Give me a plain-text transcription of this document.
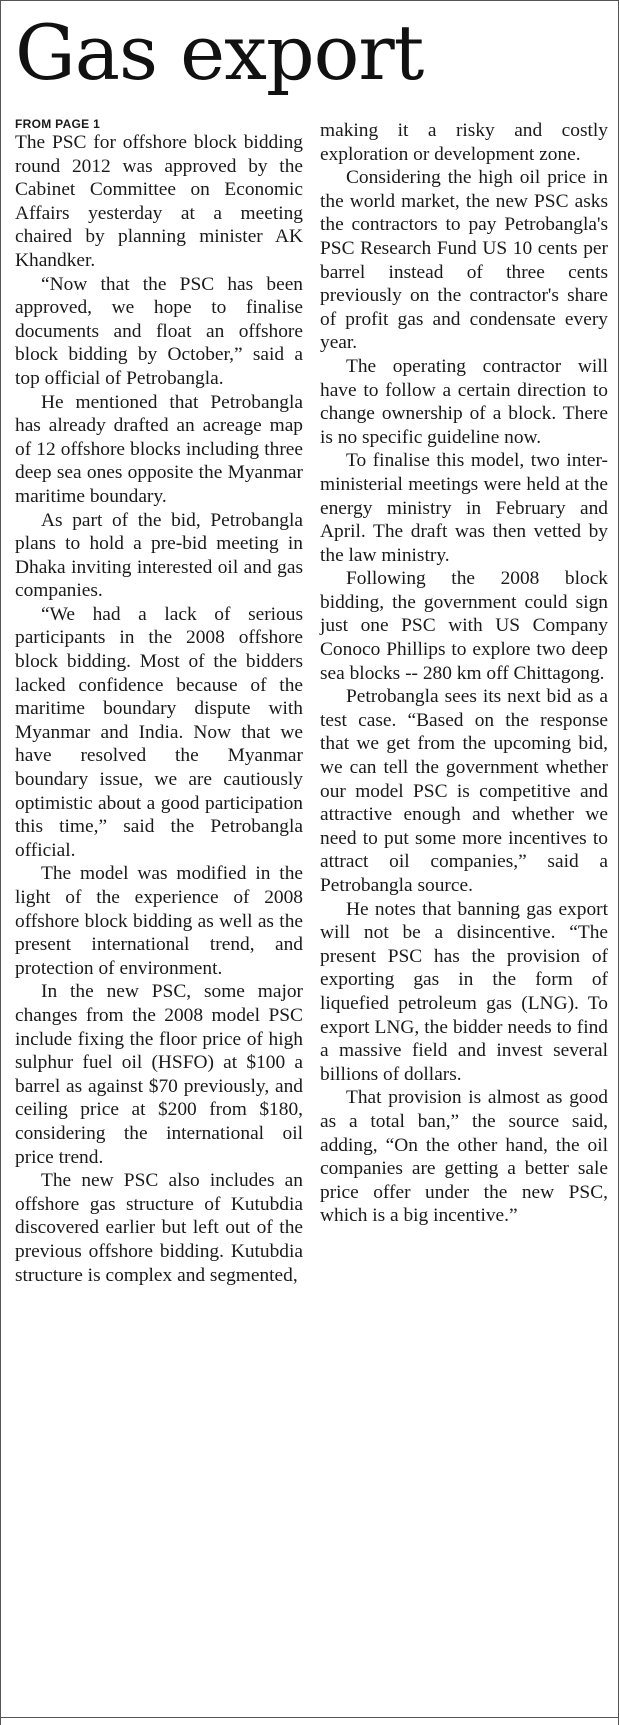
Gas export
FROM PAGE 1

The PSC for offshore block bidding round 2012 was approved by the Cabinet Committee on Economic Affairs yesterday at a meeting chaired by planning minister AK Khandker.

“Now that the PSC has been approved, we hope to finalise documents and float an offshore block bidding by October,” said a top official of Petrobangla.

He mentioned that Petrobangla has already drafted an acreage map of 12 offshore blocks including three deep sea ones opposite the Myanmar maritime boundary.

As part of the bid, Petrobangla plans to hold a pre-bid meeting in Dhaka inviting interested oil and gas companies.

“We had a lack of serious participants in the 2008 offshore block bidding. Most of the bidders lacked confidence because of the maritime boundary dispute with Myanmar and India. Now that we have resolved the Myanmar boundary issue, we are cautiously optimistic about a good participation this time,” said the Petrobangla official.

The model was modified in the light of the experience of 2008 offshore block bidding as well as the present international trend, and protection of environment.

In the new PSC, some major changes from the 2008 model PSC include fixing the floor price of high sulphur fuel oil (HSFO) at $100 a barrel as against $70 previously, and ceiling price at $200 from $180, considering the international oil price trend.

The new PSC also includes an offshore gas structure of Kutubdia discovered earlier but left out of the previous offshore bidding. Kutubdia structure is complex and segmented,

making it a risky and costly exploration or development zone.

Considering the high oil price in the world market, the new PSC asks the contractors to pay Petrobangla's PSC Research Fund US 10 cents per barrel instead of three cents previously on the contractor's share of profit gas and condensate every year.

The operating contractor will have to follow a certain direction to change ownership of a block. There is no specific guideline now.

To finalise this model, two inter-ministerial meetings were held at the energy ministry in February and April. The draft was then vetted by the law ministry.

Following the 2008 block bidding, the government could sign just one PSC with US Company Conoco Phillips to explore two deep sea blocks -- 280 km off Chittagong.

Petrobangla sees its next bid as a test case. “Based on the response that we get from the upcoming bid, we can tell the government whether our model PSC is competitive and attractive enough and whether we need to put some more incentives to attract oil companies,” said a Petrobangla source.

He notes that banning gas export will not be a disincentive. “The present PSC has the provision of exporting gas in the form of liquefied petroleum gas (LNG). To export LNG, the bidder needs to find a massive field and invest several billions of dollars.

That provision is almost as good as a total ban,” the source said, adding, “On the other hand, the oil companies are getting a better sale price offer under the new PSC, which is a big incentive.”
